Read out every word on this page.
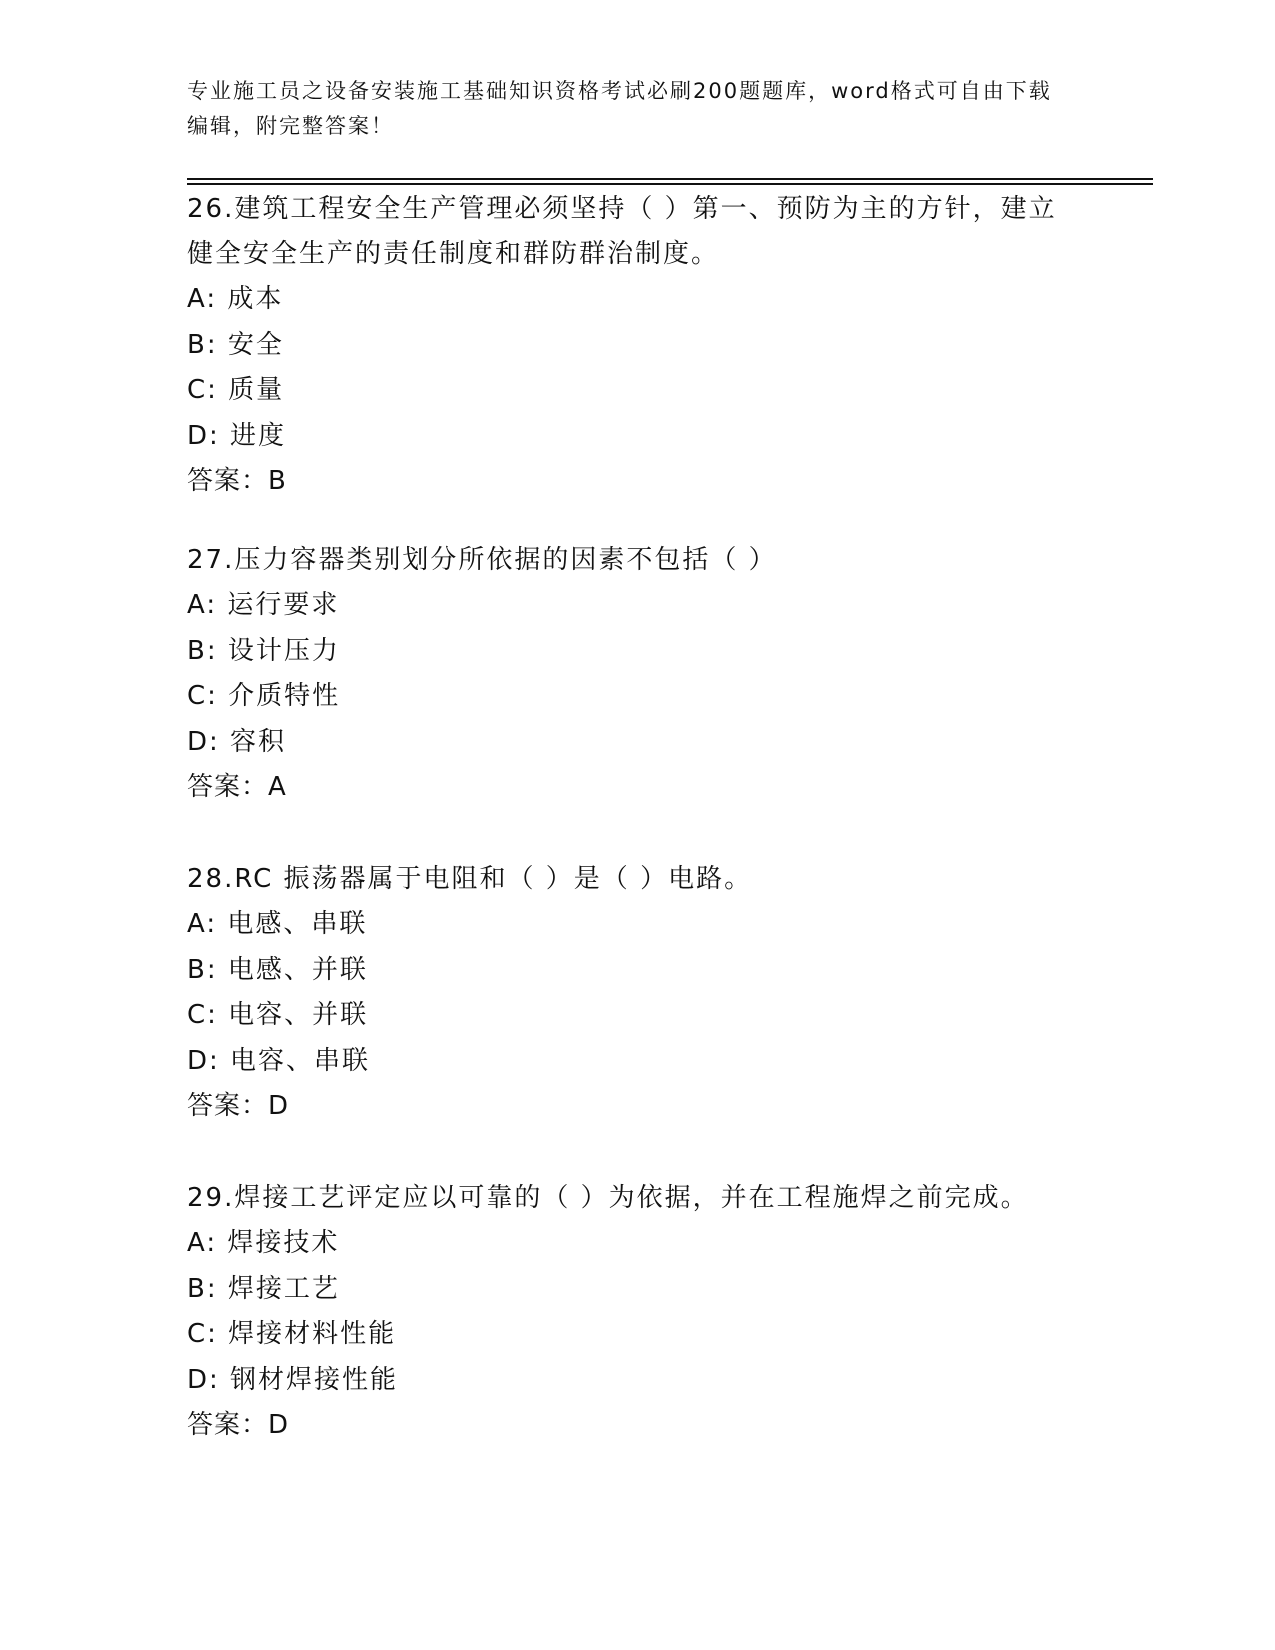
专业施工员之设备安装施工基础知识资格考试必刷200题题库，word格式可自由下载编辑，附完整答案！

26.建筑工程安全生产管理必须坚持（ ）第一、预防为主的方针，建立健全安全生产的责任制度和群防群治制度。

A: 成本

B: 安全

C: 质量

D: 进度

答案：B

27.压力容器类别划分所依据的因素不包括（ ）

A: 运行要求

B: 设计压力

C: 介质特性

D: 容积

答案：A

28.RC 振荡器属于电阻和（ ）是（ ）电路。

A: 电感、串联

B: 电感、并联

C: 电容、并联

D: 电容、串联

答案：D

29.焊接工艺评定应以可靠的（ ）为依据，并在工程施焊之前完成。

A: 焊接技术

B: 焊接工艺

C: 焊接材料性能

D: 钢材焊接性能

答案：D
